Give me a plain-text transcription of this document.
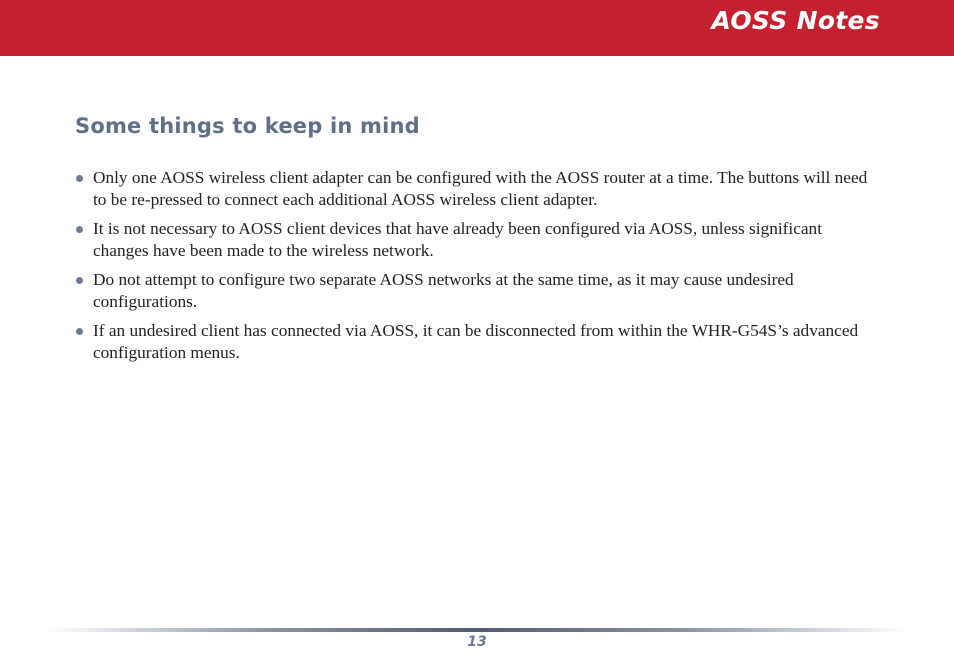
AOSS Notes
Some things to keep in mind
Only one AOSS wireless client adapter can be configured with the AOSS router at a time. The buttons will need to be re-pressed to connect each additional AOSS wireless client adapter.
It is not necessary to AOSS client devices that have already been configured via AOSS, unless significant changes have been made to the wireless network.
Do not attempt to configure two separate AOSS networks at the same time, as it may cause undesired configurations.
If an undesired client has connected via AOSS, it can be disconnected from within the WHR-G54S’s advanced configuration menus.
13
